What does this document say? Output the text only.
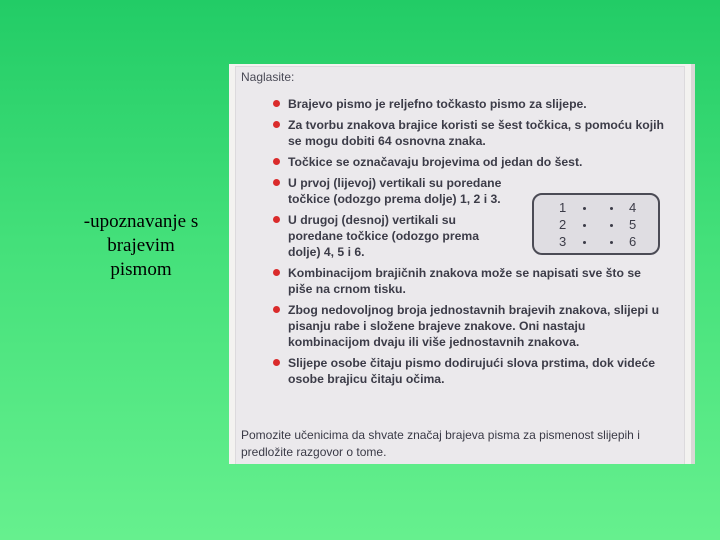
-upoznavanje s
brajevim
pismom
Naglasite:
Brajevo pismo je reljefno točkasto pismo za slijepe.
Za tvorbu znakova brajice koristi se šest točkica, s pomoću kojih se mogu dobiti 64 osnovna znaka.
Točkice se označavaju brojevima od jedan do šest.
U prvoj (lijevoj) vertikali su poredane točkice (odozgo prema dolje) 1, 2 i 3.
U drugoj (desnoj) vertikali su poredane točkice (odozgo prema dolje) 4, 5 i 6.
Kombinacijom brajičnih znakova može se napisati sve što se piše na crnom tisku.
Zbog nedovoljnog broja jednostavnih brajevih znakova, slijepi u pisanju rabe i složene brajeve znakove. Oni nastaju kombinacijom dvaju ili više jednostavnih znakova.
Slijepe osobe čitaju pismo dodirujući slova prstima, dok videće osobe brajicu čitaju očima.
1	4
2	5
3	6
Pomozite učenicima da shvate značaj brajeva pisma za pismenost slijepih i predložite razgovor o tome.
